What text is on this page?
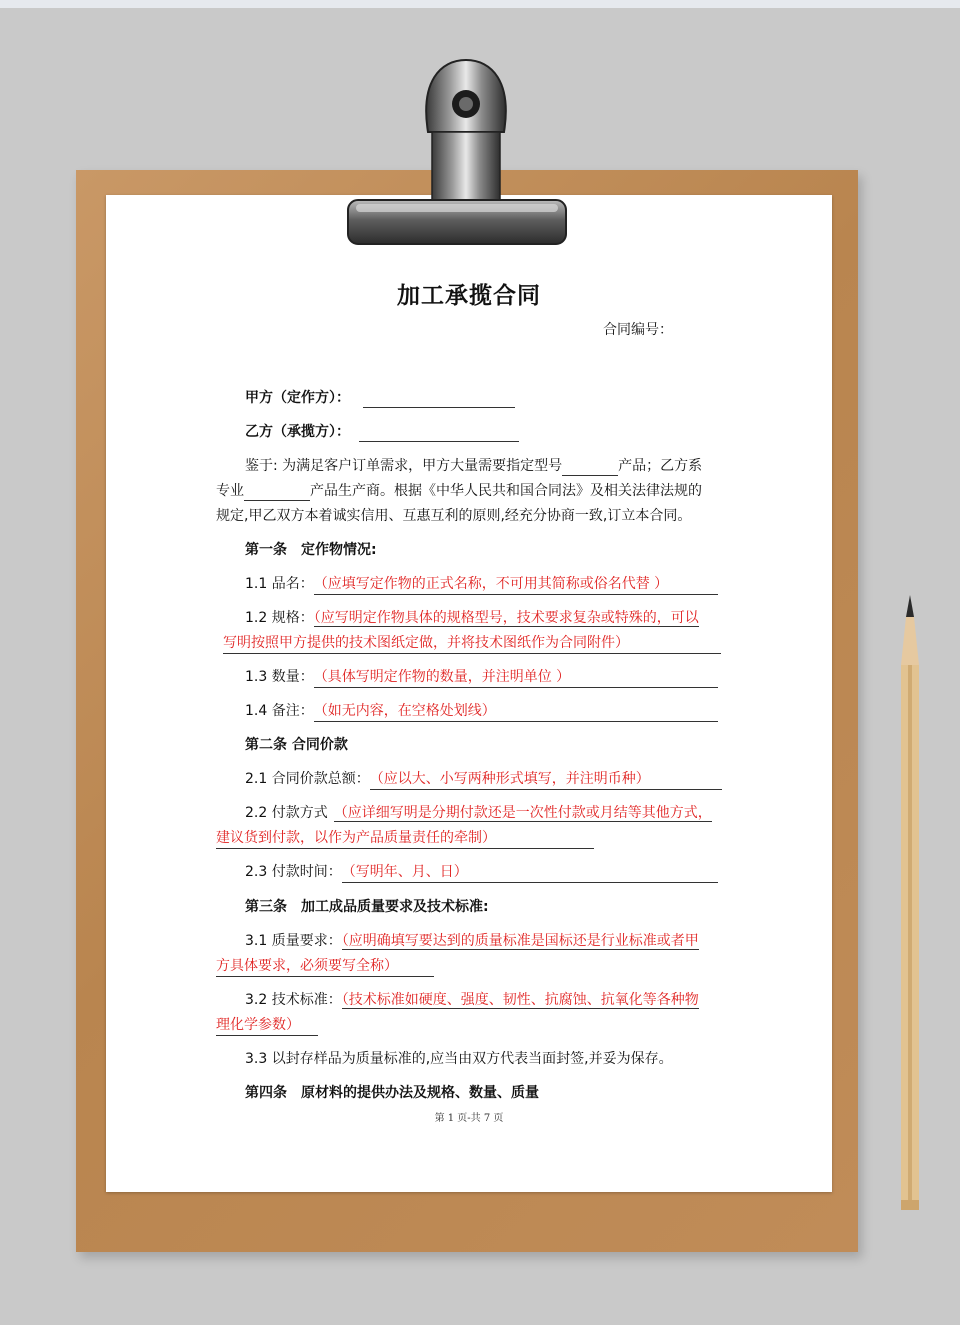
加工承揽合同
合同编号：
甲方（定作方）：
乙方（承揽方）：
鉴于: 为满足客户订单需求，甲方大量需要指定型号	产品；乙方系
专业	产品生产商。根据《中华人民共和国合同法》及相关法律法规的
规定,甲乙双方本着诚实信用、互惠互利的原则,经充分协商一致,订立本合同。
第一条　定作物情况:
1.1 品名：（应填写定作物的正式名称，不可用其简称或俗名代替 ）
1.2 规格：（应写明定作物具体的规格型号，技术要求复杂或特殊的，可以
写明按照甲方提供的技术图纸定做，并将技术图纸作为合同附件）
1.3 数量：（具体写明定作物的数量，并注明单位 ）
1.4 备注：（如无内容，在空格处划线）
第二条 合同价款
2.1 合同价款总额：（应以大、小写两种形式填写，并注明币种）
2.2 付款方式 （应详细写明是分期付款还是一次性付款或月结等其他方式，
建议货到付款，以作为产品质量责任的牵制）
2.3 付款时间：（写明年、月、日）
第三条　加工成品质量要求及技术标准:
3.1 质量要求：（应明确填写要达到的质量标准是国标还是行业标准或者甲
方具体要求，必须要写全称）
3.2 技术标准：（技术标准如硬度、强度、韧性、抗腐蚀、抗氧化等各种物
理化学参数）
3.3 以封存样品为质量标准的,应当由双方代表当面封签,并妥为保存。
第四条　原材料的提供办法及规格、数量、质量
第 1 页-共 7 页
